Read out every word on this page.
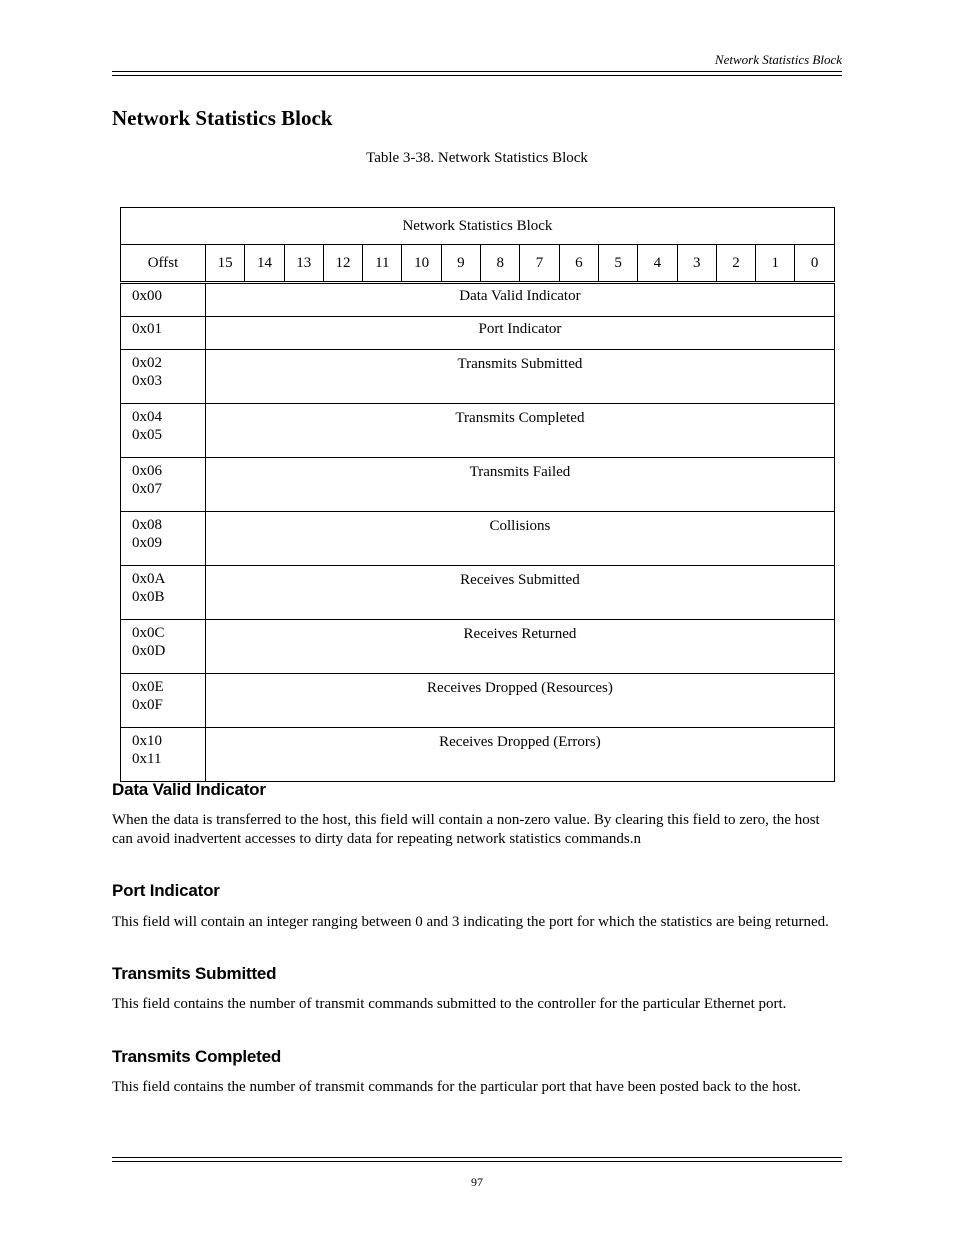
Network Statistics Block
Network Statistics Block
Table 3-38. Network Statistics Block
Network Statistics Block																
Offst	15	14	13	12	11	10	9	8	7	6	5	4	3	2	1	0

0x00	Data Valid Indicator															

0x01	Port Indicator															

0x02
0x03	Transmits Submitted															

0x04
0x05	Transmits Completed															

0x06
0x07	Transmits Failed															

0x08
0x09	Collisions															

0x0A
0x0B	Receives Submitted															

0x0C
0x0D	Receives Returned															

0x0E
0x0F	Receives Dropped (Resources)															

0x10
0x11	Receives Dropped (Errors)															
Data Valid Indicator
When the data is transferred to the host, this field will contain a non-zero value. By clearing this field to zero, the host can avoid inadvertent accesses to dirty data for repeating network statistics commands.n
Port Indicator
This field will contain an integer ranging between 0 and 3 indicating the port for which the statistics are being returned.
Transmits Submitted
This field contains the number of transmit commands submitted to the controller for the particular Ethernet port.
Transmits Completed
This field contains the number of transmit commands for the particular port that have been posted back to the host.
97
